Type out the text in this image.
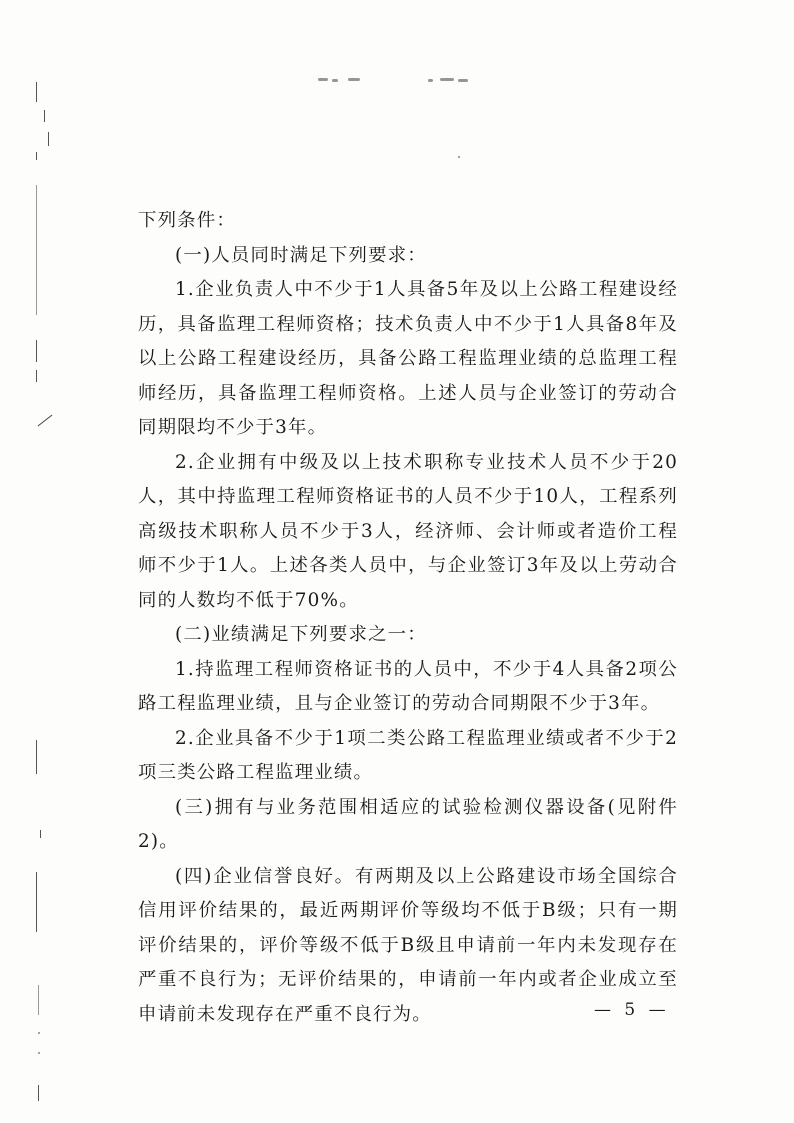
下列条件：

(一)人员同时满足下列要求：

1.企业负责人中不少于1人具备5年及以上公路工程建设经历，具备监理工程师资格；技术负责人中不少于1人具备8年及以上公路工程建设经历，具备公路工程监理业绩的总监理工程师经历，具备监理工程师资格。上述人员与企业签订的劳动合同期限均不少于3年。

2.企业拥有中级及以上技术职称专业技术人员不少于20人，其中持监理工程师资格证书的人员不少于10人，工程系列高级技术职称人员不少于3人，经济师、会计师或者造价工程师不少于1人。上述各类人员中，与企业签订3年及以上劳动合同的人数均不低于70%。

(二)业绩满足下列要求之一：

1.持监理工程师资格证书的人员中，不少于4人具备2项公路工程监理业绩，且与企业签订的劳动合同期限不少于3年。

2.企业具备不少于1项二类公路工程监理业绩或者不少于2项三类公路工程监理业绩。

(三)拥有与业务范围相适应的试验检测仪器设备(见附件2)。

(四)企业信誉良好。有两期及以上公路建设市场全国综合信用评价结果的，最近两期评价等级均不低于B级；只有一期评价结果的，评价等级不低于B级且申请前一年内未发现存在严重不良行为；无评价结果的，申请前一年内或者企业成立至申请前未发现存在严重不良行为。	— 5 —
